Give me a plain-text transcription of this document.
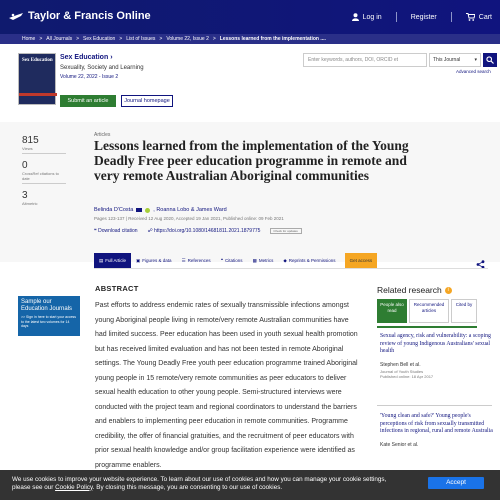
Taylor & Francis Online	Log in	Register	Cart
Home > All Journals > Sex Education > List of Issues > Volume 22, Issue 2 > Lessons learned from the implementation ....
Sex Education Sex Education ›
Sexuality, Society and Learning
Volume 22, 2022 - Issue 2
Submit an article	Journal homepage
Enter keywords, authors, DOI, ORCID et	This Journal	▾
Advanced search
815
Views
0
CrossRef citations to date
3
Altmetric
Articles
Lessons learned from the implementation of the Young Deadly Free peer education programme in remote and very remote Australian Aboriginal communities
Belinda D'Costa	, Roanna Lobo & James Ward
Pages 123-137 | Received 12 Aug 2020, Accepted 19 Jan 2021, Published online: 09 Feb 2021
❝ Download citation ☍ https://doi.org/10.1080/14681811.2021.1879775	Check for updates
▤ Full Article ▣ Figures & data ☰ References ❝ Citations ▩ Metrics ◆ Reprints & Permissions	Get access
Sample our Education Journals
>> Sign in here to start your access to the latest two volumes for 14 days
ABSTRACT

Past efforts to address endemic rates of sexually transmissible infections amongst young Aboriginal people living in remote/very remote Australian communities have had limited success. Peer education has been used in youth sexual health promotion but has received limited evaluation and has not been tested in remote Aboriginal settings. The Young Deadly Free youth peer education programme trained Aboriginal young people in 15 remote/very remote communities as peer educators to deliver sexual health education to other young people. Semi-structured interviews were conducted with the project team and regional coordinators to understand the barriers and enablers to implementing peer education in remote communities. Programme credibility, the offer of financial gratuities, and the recruitment of peer educators with prior sexual health knowledge and/or group facilitation experience were identified as programme enablers.

Related research	i
People also read
Recommended articles
Cited by
Sexual agency, risk and vulnerability: a scoping review of young Indigenous Australians' sexual health
Stephen Bell et al.
Journal of Youth Studies
Published online: 18 Apr 2017
'Young clean and safe?' Young people's perceptions of risk from sexually transmitted infections in regional, rural and remote Australia
Kate Senior et al.
We use cookies to improve your website experience. To learn about our use of cookies and how you can manage your cookie settings,
please see our Cookie Policy. By closing this message, you are consenting to our use of cookies.
Accept
